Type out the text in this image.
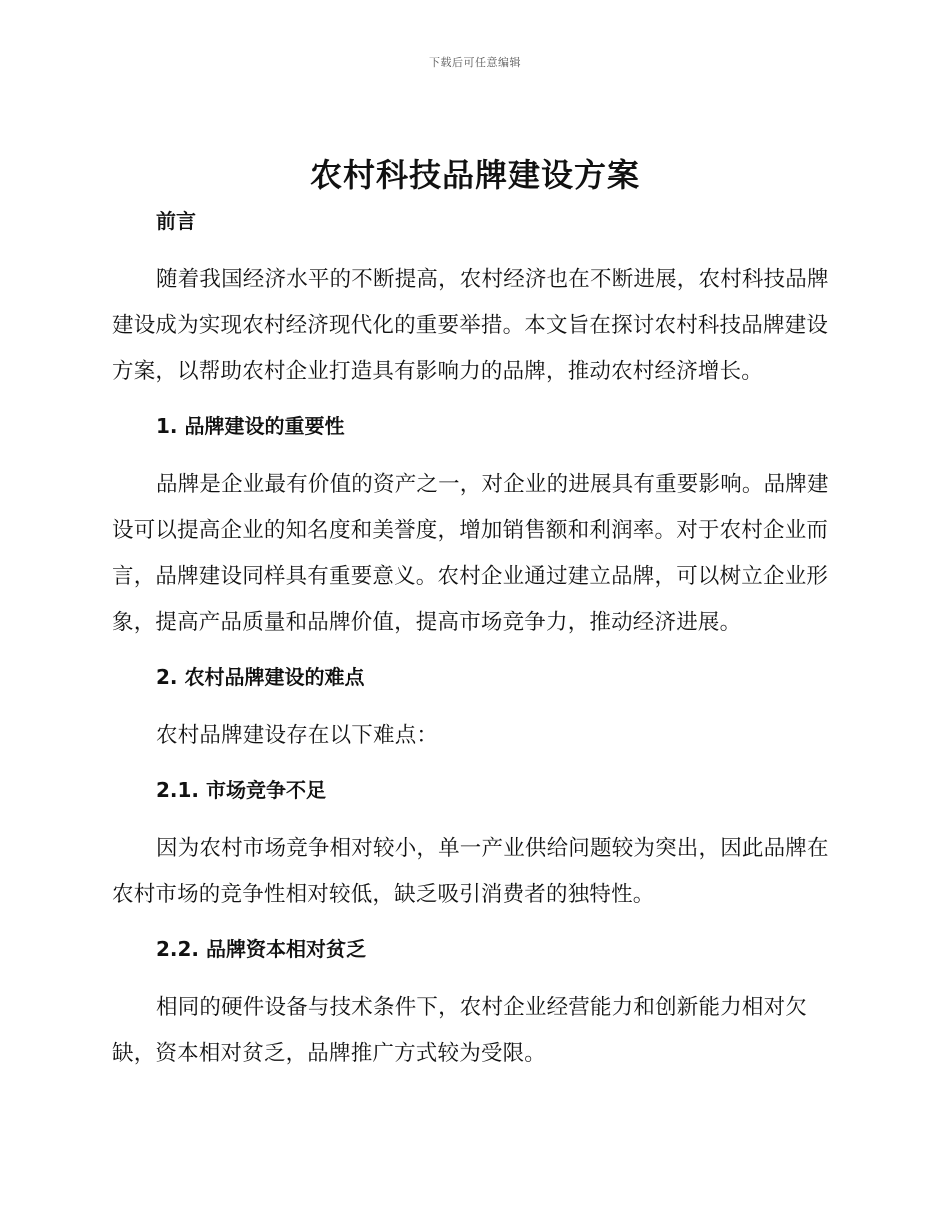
下载后可任意编辑
农村科技品牌建设方案
前言

随着我国经济水平的不断提高，农村经济也在不断进展，农村科技品牌建设成为实现农村经济现代化的重要举措。本文旨在探讨农村科技品牌建设方案，以帮助农村企业打造具有影响力的品牌，推动农村经济增长。

1. 品牌建设的重要性

品牌是企业最有价值的资产之一，对企业的进展具有重要影响。品牌建设可以提高企业的知名度和美誉度，增加销售额和利润率。对于农村企业而言，品牌建设同样具有重要意义。农村企业通过建立品牌，可以树立企业形象，提高产品质量和品牌价值，提高市场竞争力，推动经济进展。

2. 农村品牌建设的难点

农村品牌建设存在以下难点：

2.1. 市场竞争不足

因为农村市场竞争相对较小，单一产业供给问题较为突出，因此品牌在农村市场的竞争性相对较低，缺乏吸引消费者的独特性。

2.2. 品牌资本相对贫乏

相同的硬件设备与技术条件下，农村企业经营能力和创新能力相对欠缺，资本相对贫乏，品牌推广方式较为受限。
